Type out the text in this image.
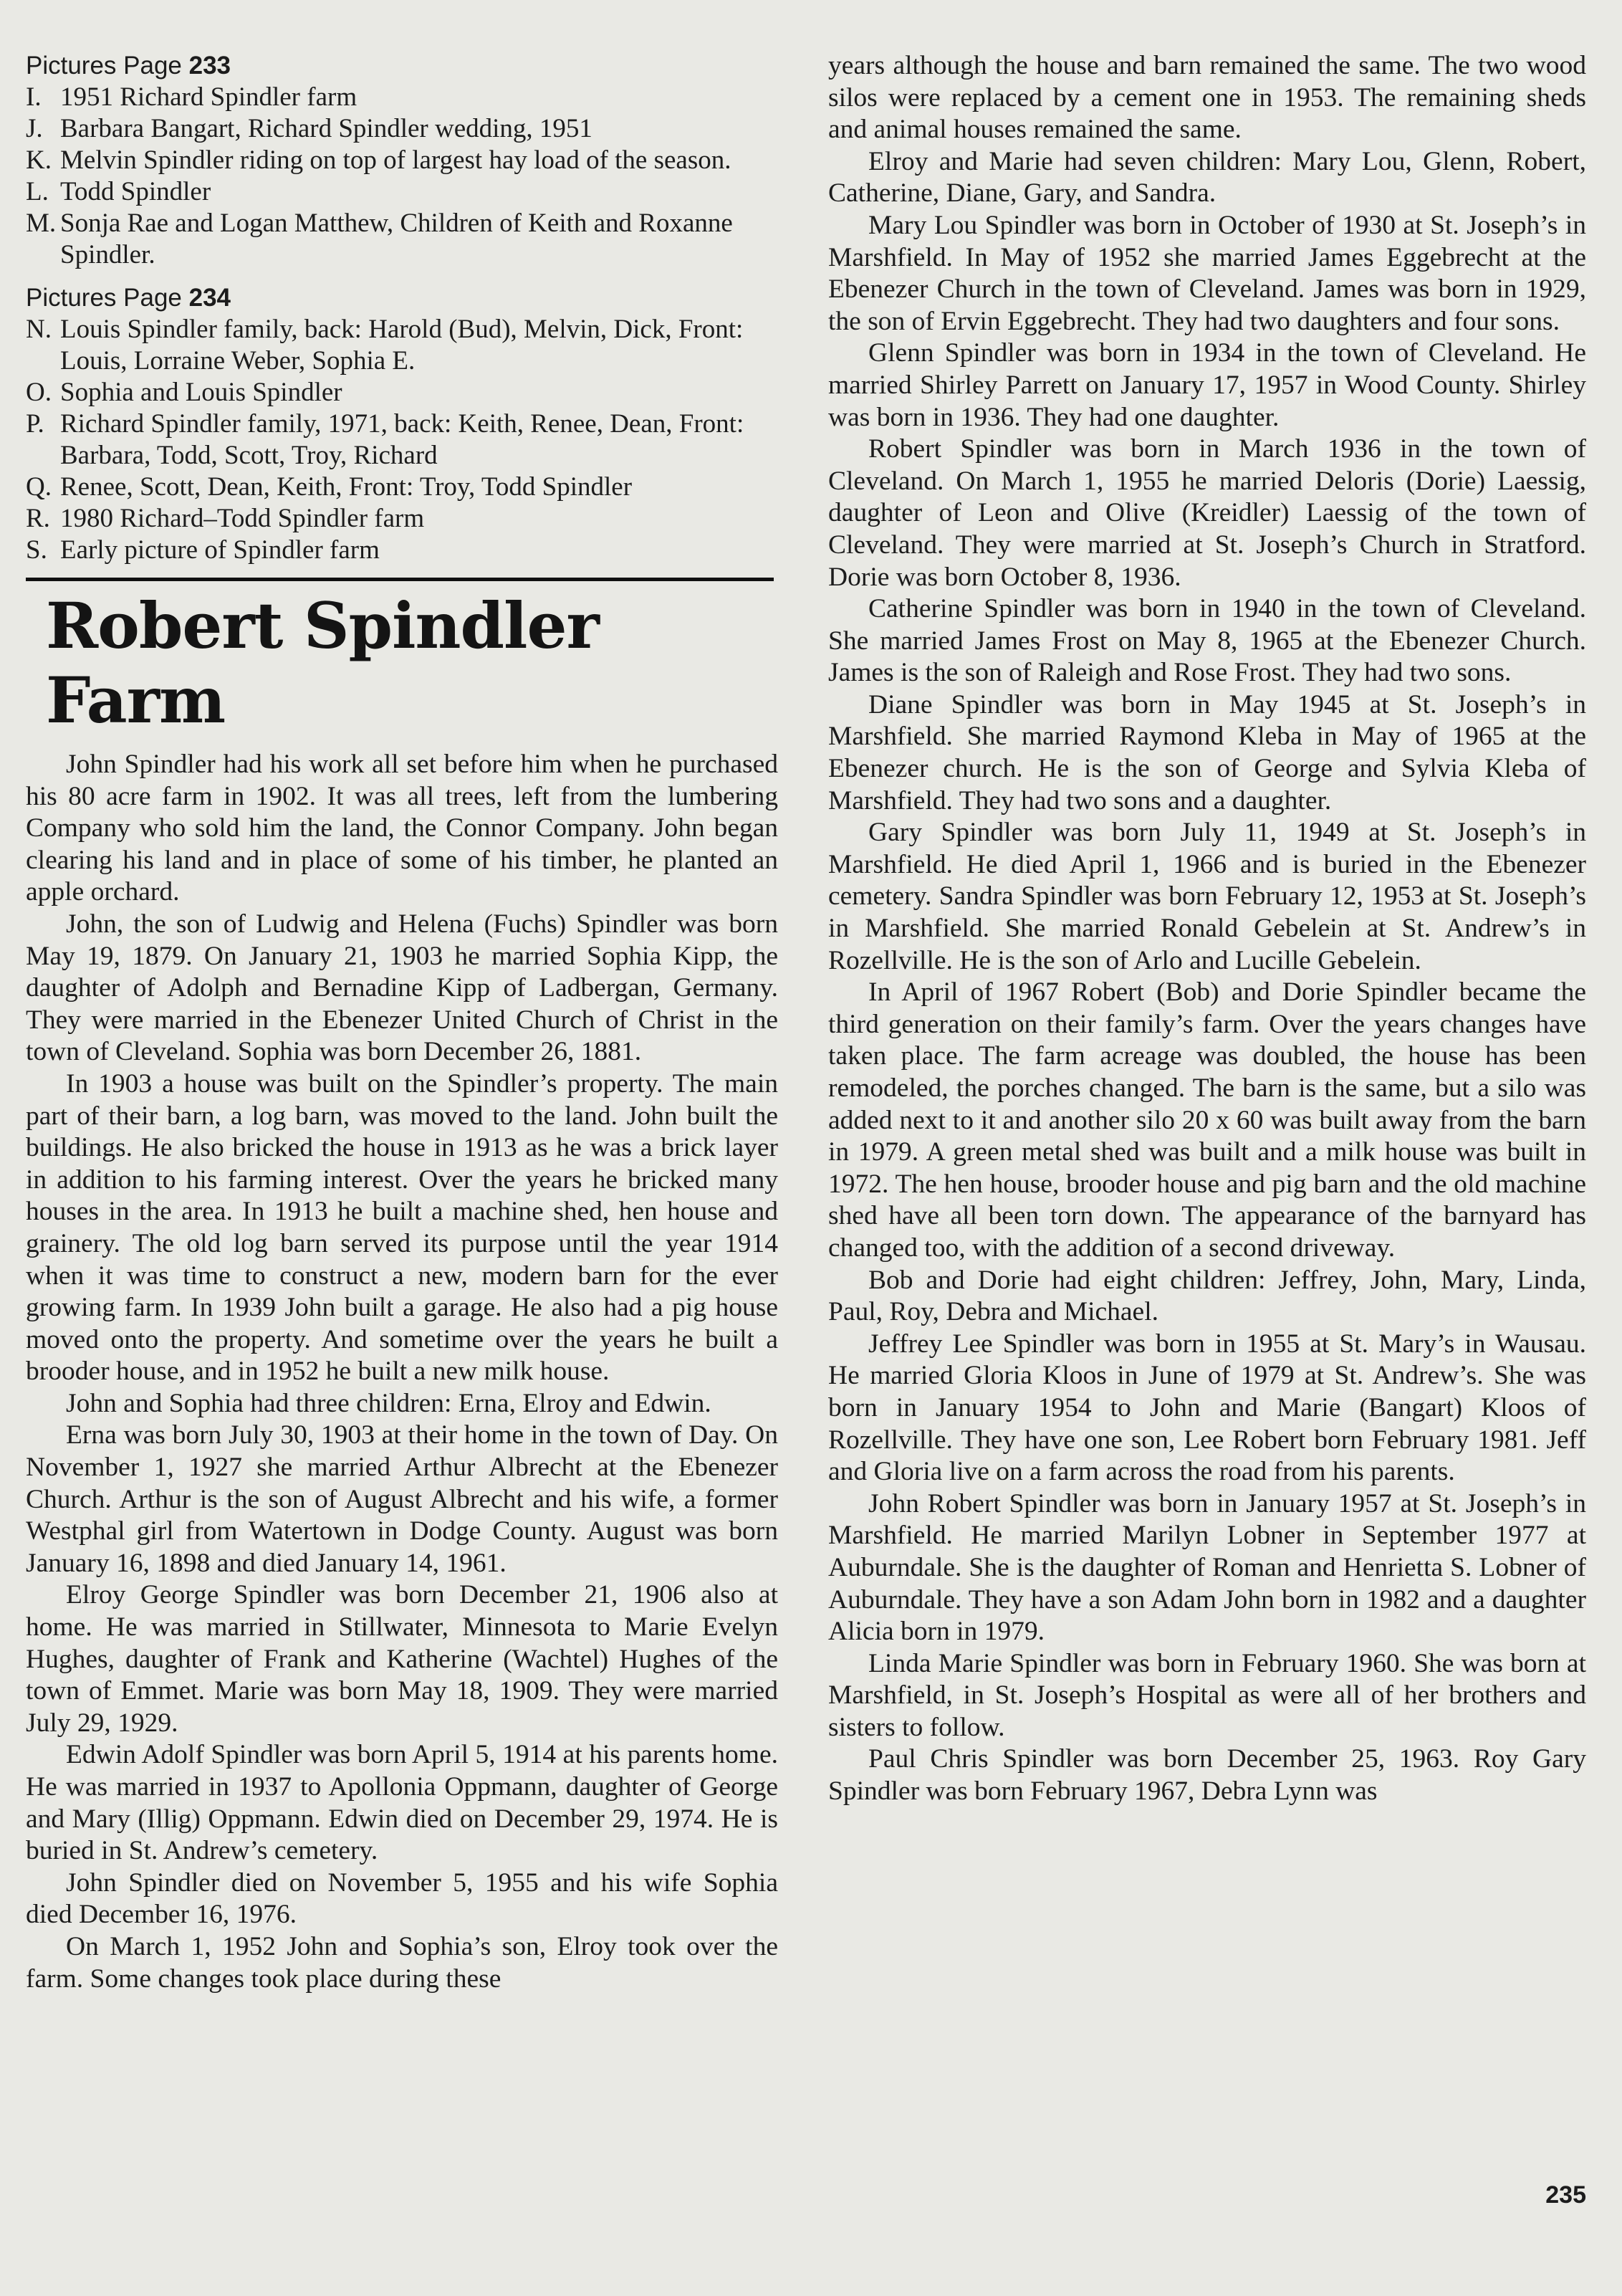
Pictures Page 233

I. 1951 Richard Spindler farm
J. Barbara Bangart, Richard Spindler wedding, 1951
K. Melvin Spindler riding on top of largest hay load of the season.
L. Todd Spindler
M. Sonja Rae and Logan Matthew, Children of Keith and Roxanne Spindler.

Pictures Page 234

N. Louis Spindler family, back: Harold (Bud), Melvin, Dick, Front: Louis, Lorraine Weber, Sophia E.
O. Sophia and Louis Spindler
P. Richard Spindler family, 1971, back: Keith, Renee, Dean, Front: Barbara, Todd, Scott, Troy, Richard
Q. Renee, Scott, Dean, Keith, Front: Troy, Todd Spindler
R. 1980 Richard–Todd Spindler farm
S. Early picture of Spindler farm
Robert Spindler Farm

John Spindler had his work all set before him when he purchased his 80 acre farm in 1902. It was all trees, left from the lumbering Company who sold him the land, the Connor Company. John began clearing his land and in place of some of his timber, he planted an apple orchard.

John, the son of Ludwig and Helena (Fuchs) Spindler was born May 19, 1879. On January 21, 1903 he married Sophia Kipp, the daughter of Adolph and Bernadine Kipp of Ladbergan, Germany. They were married in the Ebenezer United Church of Christ in the town of Cleveland. Sophia was born December 26, 1881.

In 1903 a house was built on the Spindler’s property. The main part of their barn, a log barn, was moved to the land. John built the buildings. He also bricked the house in 1913 as he was a brick layer in addition to his farming interest. Over the years he bricked many houses in the area. In 1913 he built a machine shed, hen house and grainery. The old log barn served its purpose until the year 1914 when it was time to construct a new, modern barn for the ever growing farm. In 1939 John built a garage. He also had a pig house moved onto the property. And sometime over the years he built a brooder house, and in 1952 he built a new milk house.

John and Sophia had three children: Erna, Elroy and Edwin.

Erna was born July 30, 1903 at their home in the town of Day. On November 1, 1927 she married Arthur Albrecht at the Ebenezer Church. Arthur is the son of August Albrecht and his wife, a former Westphal girl from Watertown in Dodge County. August was born January 16, 1898 and died January 14, 1961.

Elroy George Spindler was born December 21, 1906 also at home. He was married in Stillwater, Minnesota to Marie Evelyn Hughes, daughter of Frank and Katherine (Wachtel) Hughes of the town of Emmet. Marie was born May 18, 1909. They were married July 29, 1929.

Edwin Adolf Spindler was born April 5, 1914 at his parents home. He was married in 1937 to Apollonia Oppmann, daughter of George and Mary (Illig) Oppmann. Edwin died on December 29, 1974. He is buried in St. Andrew’s cemetery.

John Spindler died on November 5, 1955 and his wife Sophia died December 16, 1976.

On March 1, 1952 John and Sophia’s son, Elroy took over the farm. Some changes took place during these

years although the house and barn remained the same. The two wood silos were replaced by a cement one in 1953. The remaining sheds and animal houses remained the same.

Elroy and Marie had seven children: Mary Lou, Glenn, Robert, Catherine, Diane, Gary, and Sandra.

Mary Lou Spindler was born in October of 1930 at St. Joseph’s in Marshfield. In May of 1952 she married James Eggebrecht at the Ebenezer Church in the town of Cleveland. James was born in 1929, the son of Ervin Eggebrecht. They had two daughters and four sons.

Glenn Spindler was born in 1934 in the town of Cleveland. He married Shirley Parrett on January 17, 1957 in Wood County. Shirley was born in 1936. They had one daughter.

Robert Spindler was born in March 1936 in the town of Cleveland. On March 1, 1955 he married Deloris (Dorie) Laessig, daughter of Leon and Olive (Kreidler) Laessig of the town of Cleveland. They were married at St. Joseph’s Church in Stratford. Dorie was born October 8, 1936.

Catherine Spindler was born in 1940 in the town of Cleveland. She married James Frost on May 8, 1965 at the Ebenezer Church. James is the son of Raleigh and Rose Frost. They had two sons.

Diane Spindler was born in May 1945 at St. Joseph’s in Marshfield. She married Raymond Kleba in May of 1965 at the Ebenezer church. He is the son of George and Sylvia Kleba of Marshfield. They had two sons and a daughter.

Gary Spindler was born July 11, 1949 at St. Joseph’s in Marshfield. He died April 1, 1966 and is buried in the Ebenezer cemetery. Sandra Spindler was born February 12, 1953 at St. Joseph’s in Marshfield. She married Ronald Gebelein at St. Andrew’s in Rozellville. He is the son of Arlo and Lucille Gebelein.

In April of 1967 Robert (Bob) and Dorie Spindler became the third generation on their family’s farm. Over the years changes have taken place. The farm acreage was doubled, the house has been remodeled, the porches changed. The barn is the same, but a silo was added next to it and another silo 20 x 60 was built away from the barn in 1979. A green metal shed was built and a milk house was built in 1972. The hen house, brooder house and pig barn and the old machine shed have all been torn down. The appearance of the barnyard has changed too, with the addition of a second driveway.

Bob and Dorie had eight children: Jeffrey, John, Mary, Linda, Paul, Roy, Debra and Michael.

Jeffrey Lee Spindler was born in 1955 at St. Mary’s in Wausau. He married Gloria Kloos in June of 1979 at St. Andrew’s. She was born in January 1954 to John and Marie (Bangart) Kloos of Rozellville. They have one son, Lee Robert born February 1981. Jeff and Gloria live on a farm across the road from his parents.

John Robert Spindler was born in January 1957 at St. Joseph’s in Marshfield. He married Marilyn Lobner in September 1977 at Auburndale. She is the daughter of Roman and Henrietta S. Lobner of Auburndale. They have a son Adam John born in 1982 and a daughter Alicia born in 1979.

Linda Marie Spindler was born in February 1960. She was born at Marshfield, in St. Joseph’s Hospital as were all of her brothers and sisters to follow.

Paul Chris Spindler was born December 25, 1963. Roy Gary Spindler was born February 1967, Debra Lynn was

235
